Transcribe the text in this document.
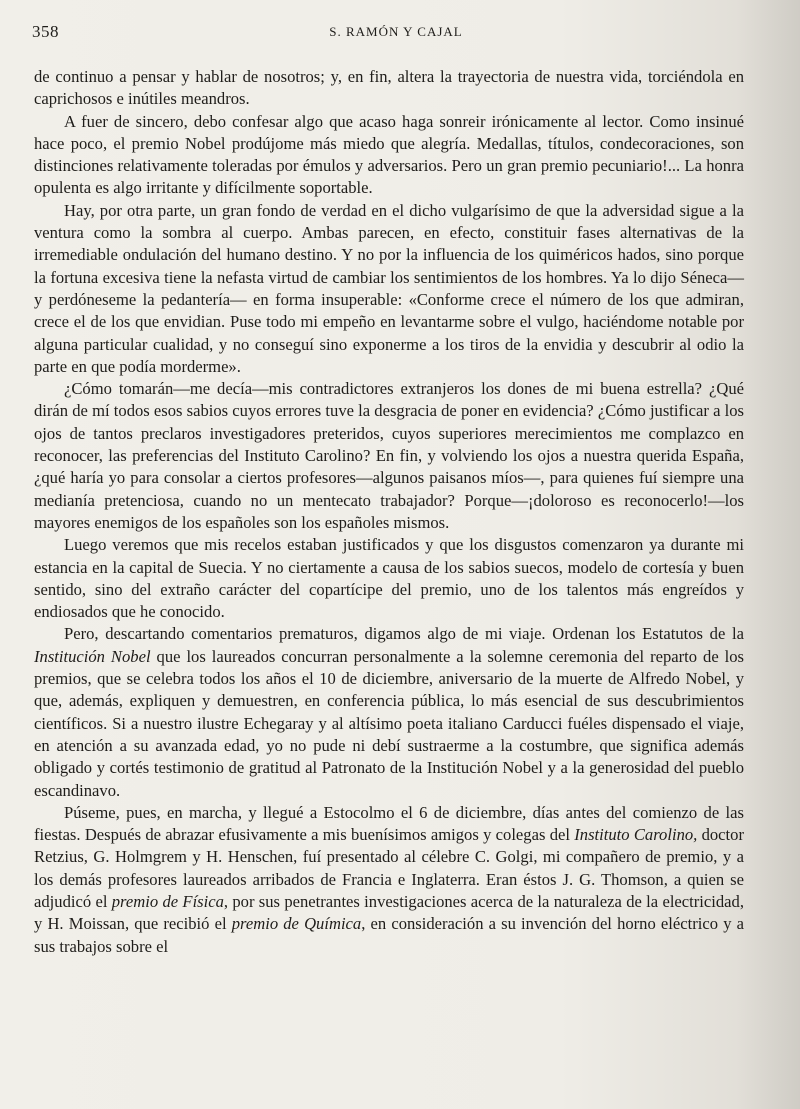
358	S. RAMÓN Y CAJAL

de continuo a pensar y hablar de nosotros; y, en fin, altera la trayectoria de nuestra vida, torciéndola en caprichosos e inútiles meandros.

A fuer de sincero, debo confesar algo que acaso haga sonreir irónicamente al lector. Como insinué hace poco, el premio Nobel prodújome más miedo que alegría. Medallas, títulos, condecoraciones, son distinciones relativamente toleradas por émulos y adversarios. Pero un gran premio pecuniario!... La honra opulenta es algo irritante y difícilmente soportable.

Hay, por otra parte, un gran fondo de verdad en el dicho vulgarísimo de que la adversidad sigue a la ventura como la sombra al cuerpo. Ambas parecen, en efecto, constituir fases alternativas de la irremediable ondulación del humano destino. Y no por la influencia de los quiméricos hados, sino porque la fortuna excesiva tiene la nefasta virtud de cambiar los sentimientos de los hombres. Ya lo dijo Séneca—y perdóneseme la pedantería— en forma insuperable: «Conforme crece el número de los que admiran, crece el de los que envidian. Puse todo mi empeño en levantarme sobre el vulgo, haciéndome notable por alguna particular cualidad, y no conseguí sino exponerme a los tiros de la envidia y descubrir al odio la parte en que podía morderme».

¿Cómo tomarán—me decía—mis contradictores extranjeros los dones de mi buena estrella? ¿Qué dirán de mí todos esos sabios cuyos errores tuve la desgracia de poner en evidencia? ¿Cómo justificar a los ojos de tantos preclaros investigadores preteridos, cuyos superiores merecimientos me complazco en reconocer, las preferencias del Instituto Carolino? En fin, y volviendo los ojos a nuestra querida España, ¿qué haría yo para consolar a ciertos profesores—algunos paisanos míos—, para quienes fuí siempre una medianía pretenciosa, cuando no un mentecato trabajador? Porque—¡doloroso es reconocerlo!—los mayores enemigos de los españoles son los españoles mismos.

Luego veremos que mis recelos estaban justificados y que los disgustos comenzaron ya durante mi estancia en la capital de Suecia. Y no ciertamente a causa de los sabios suecos, modelo de cortesía y buen sentido, sino del extraño carácter del copartícipe del premio, uno de los talentos más engreídos y endiosados que he conocido.

Pero, descartando comentarios prematuros, digamos algo de mi viaje. Ordenan los Estatutos de la Institución Nobel que los laureados concurran personalmente a la solemne ceremonia del reparto de los premios, que se celebra todos los años el 10 de diciembre, aniversario de la muerte de Alfredo Nobel, y que, además, expliquen y demuestren, en conferencia pública, lo más esencial de sus descubrimientos científicos. Si a nuestro ilustre Echegaray y al altísimo poeta italiano Carducci fuéles dispensado el viaje, en atención a su avanzada edad, yo no pude ni debí sustraerme a la costumbre, que significa además obligado y cortés testimonio de gratitud al Patronato de la Institución Nobel y a la generosidad del pueblo escandinavo.

Púseme, pues, en marcha, y llegué a Estocolmo el 6 de diciembre, días antes del comienzo de las fiestas. Después de abrazar efusivamente a mis buenísimos amigos y colegas del Instituto Carolino, doctor Retzius, G. Holmgrem y H. Henschen, fuí presentado al célebre C. Golgi, mi compañero de premio, y a los demás profesores laureados arribados de Francia e Inglaterra. Eran éstos J. G. Thomson, a quien se adjudicó el premio de Física, por sus penetrantes investigaciones acerca de la naturaleza de la electricidad, y H. Moissan, que recibió el premio de Química, en consideración a su invención del horno eléctrico y a sus trabajos sobre el
